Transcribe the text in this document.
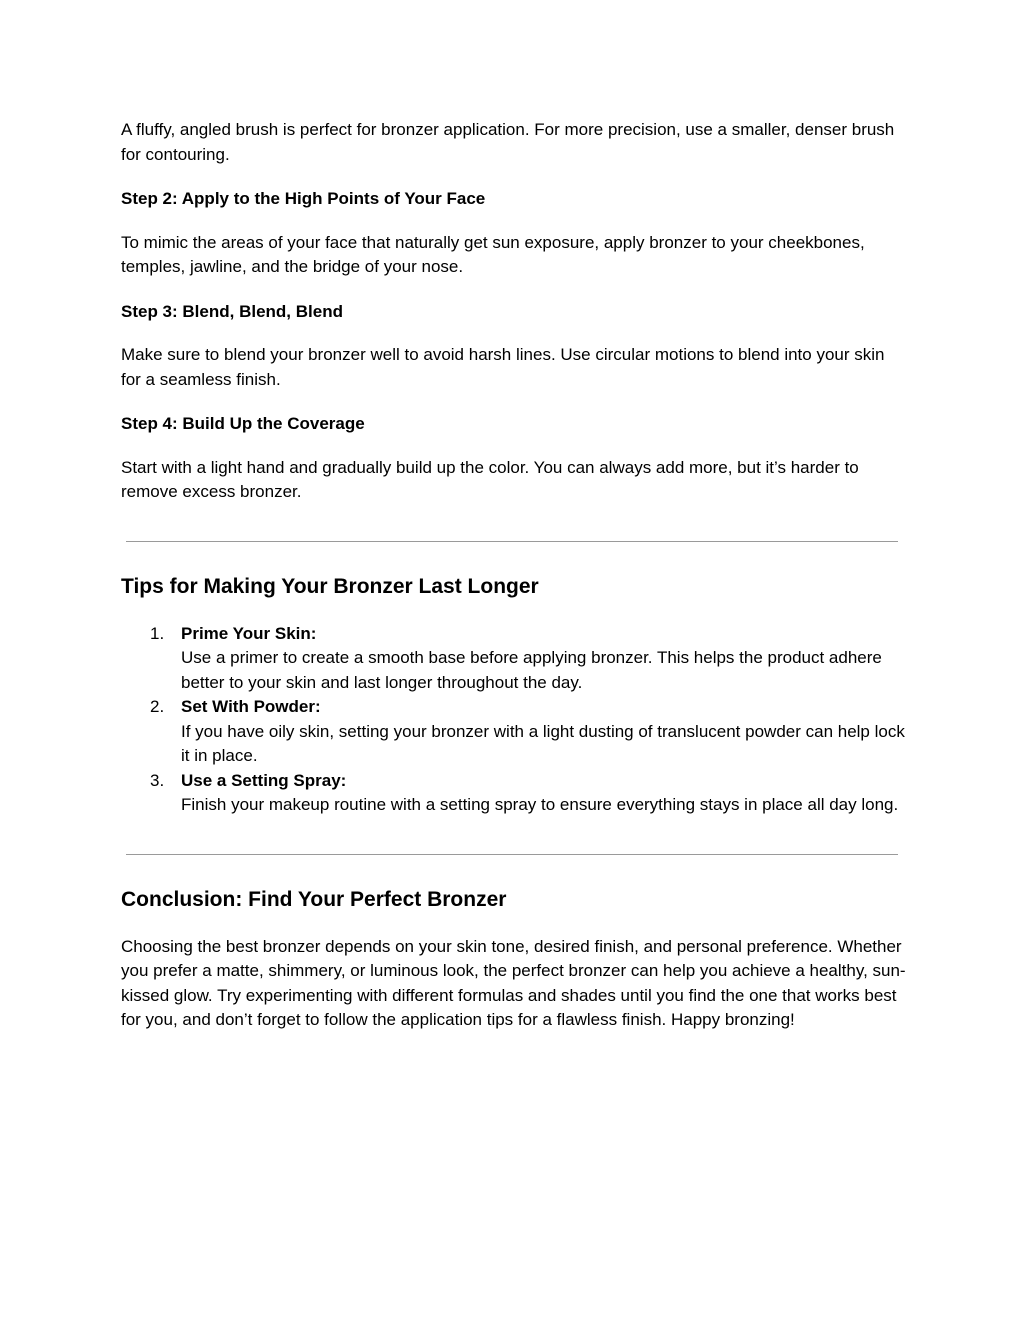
A fluffy, angled brush is perfect for bronzer application. For more precision, use a smaller, denser brush for contouring.

Step 2: Apply to the High Points of Your Face

To mimic the areas of your face that naturally get sun exposure, apply bronzer to your cheekbones, temples, jawline, and the bridge of your nose.

Step 3: Blend, Blend, Blend

Make sure to blend your bronzer well to avoid harsh lines. Use circular motions to blend into your skin for a seamless finish.

Step 4: Build Up the Coverage

Start with a light hand and gradually build up the color. You can always add more, but it’s harder to remove excess bronzer.

Tips for Making Your Bronzer Last Longer
1. Prime Your Skin:
Use a primer to create a smooth base before applying bronzer. This helps the product adhere better to your skin and last longer throughout the day.
2. Set With Powder:
If you have oily skin, setting your bronzer with a light dusting of translucent powder can help lock it in place.
3. Use a Setting Spray:
Finish your makeup routine with a setting spray to ensure everything stays in place all day long.
Conclusion: Find Your Perfect Bronzer

Choosing the best bronzer depends on your skin tone, desired finish, and personal preference. Whether you prefer a matte, shimmery, or luminous look, the perfect bronzer can help you achieve a healthy, sun-kissed glow. Try experimenting with different formulas and shades until you find the one that works best for you, and don’t forget to follow the application tips for a flawless finish. Happy bronzing!
